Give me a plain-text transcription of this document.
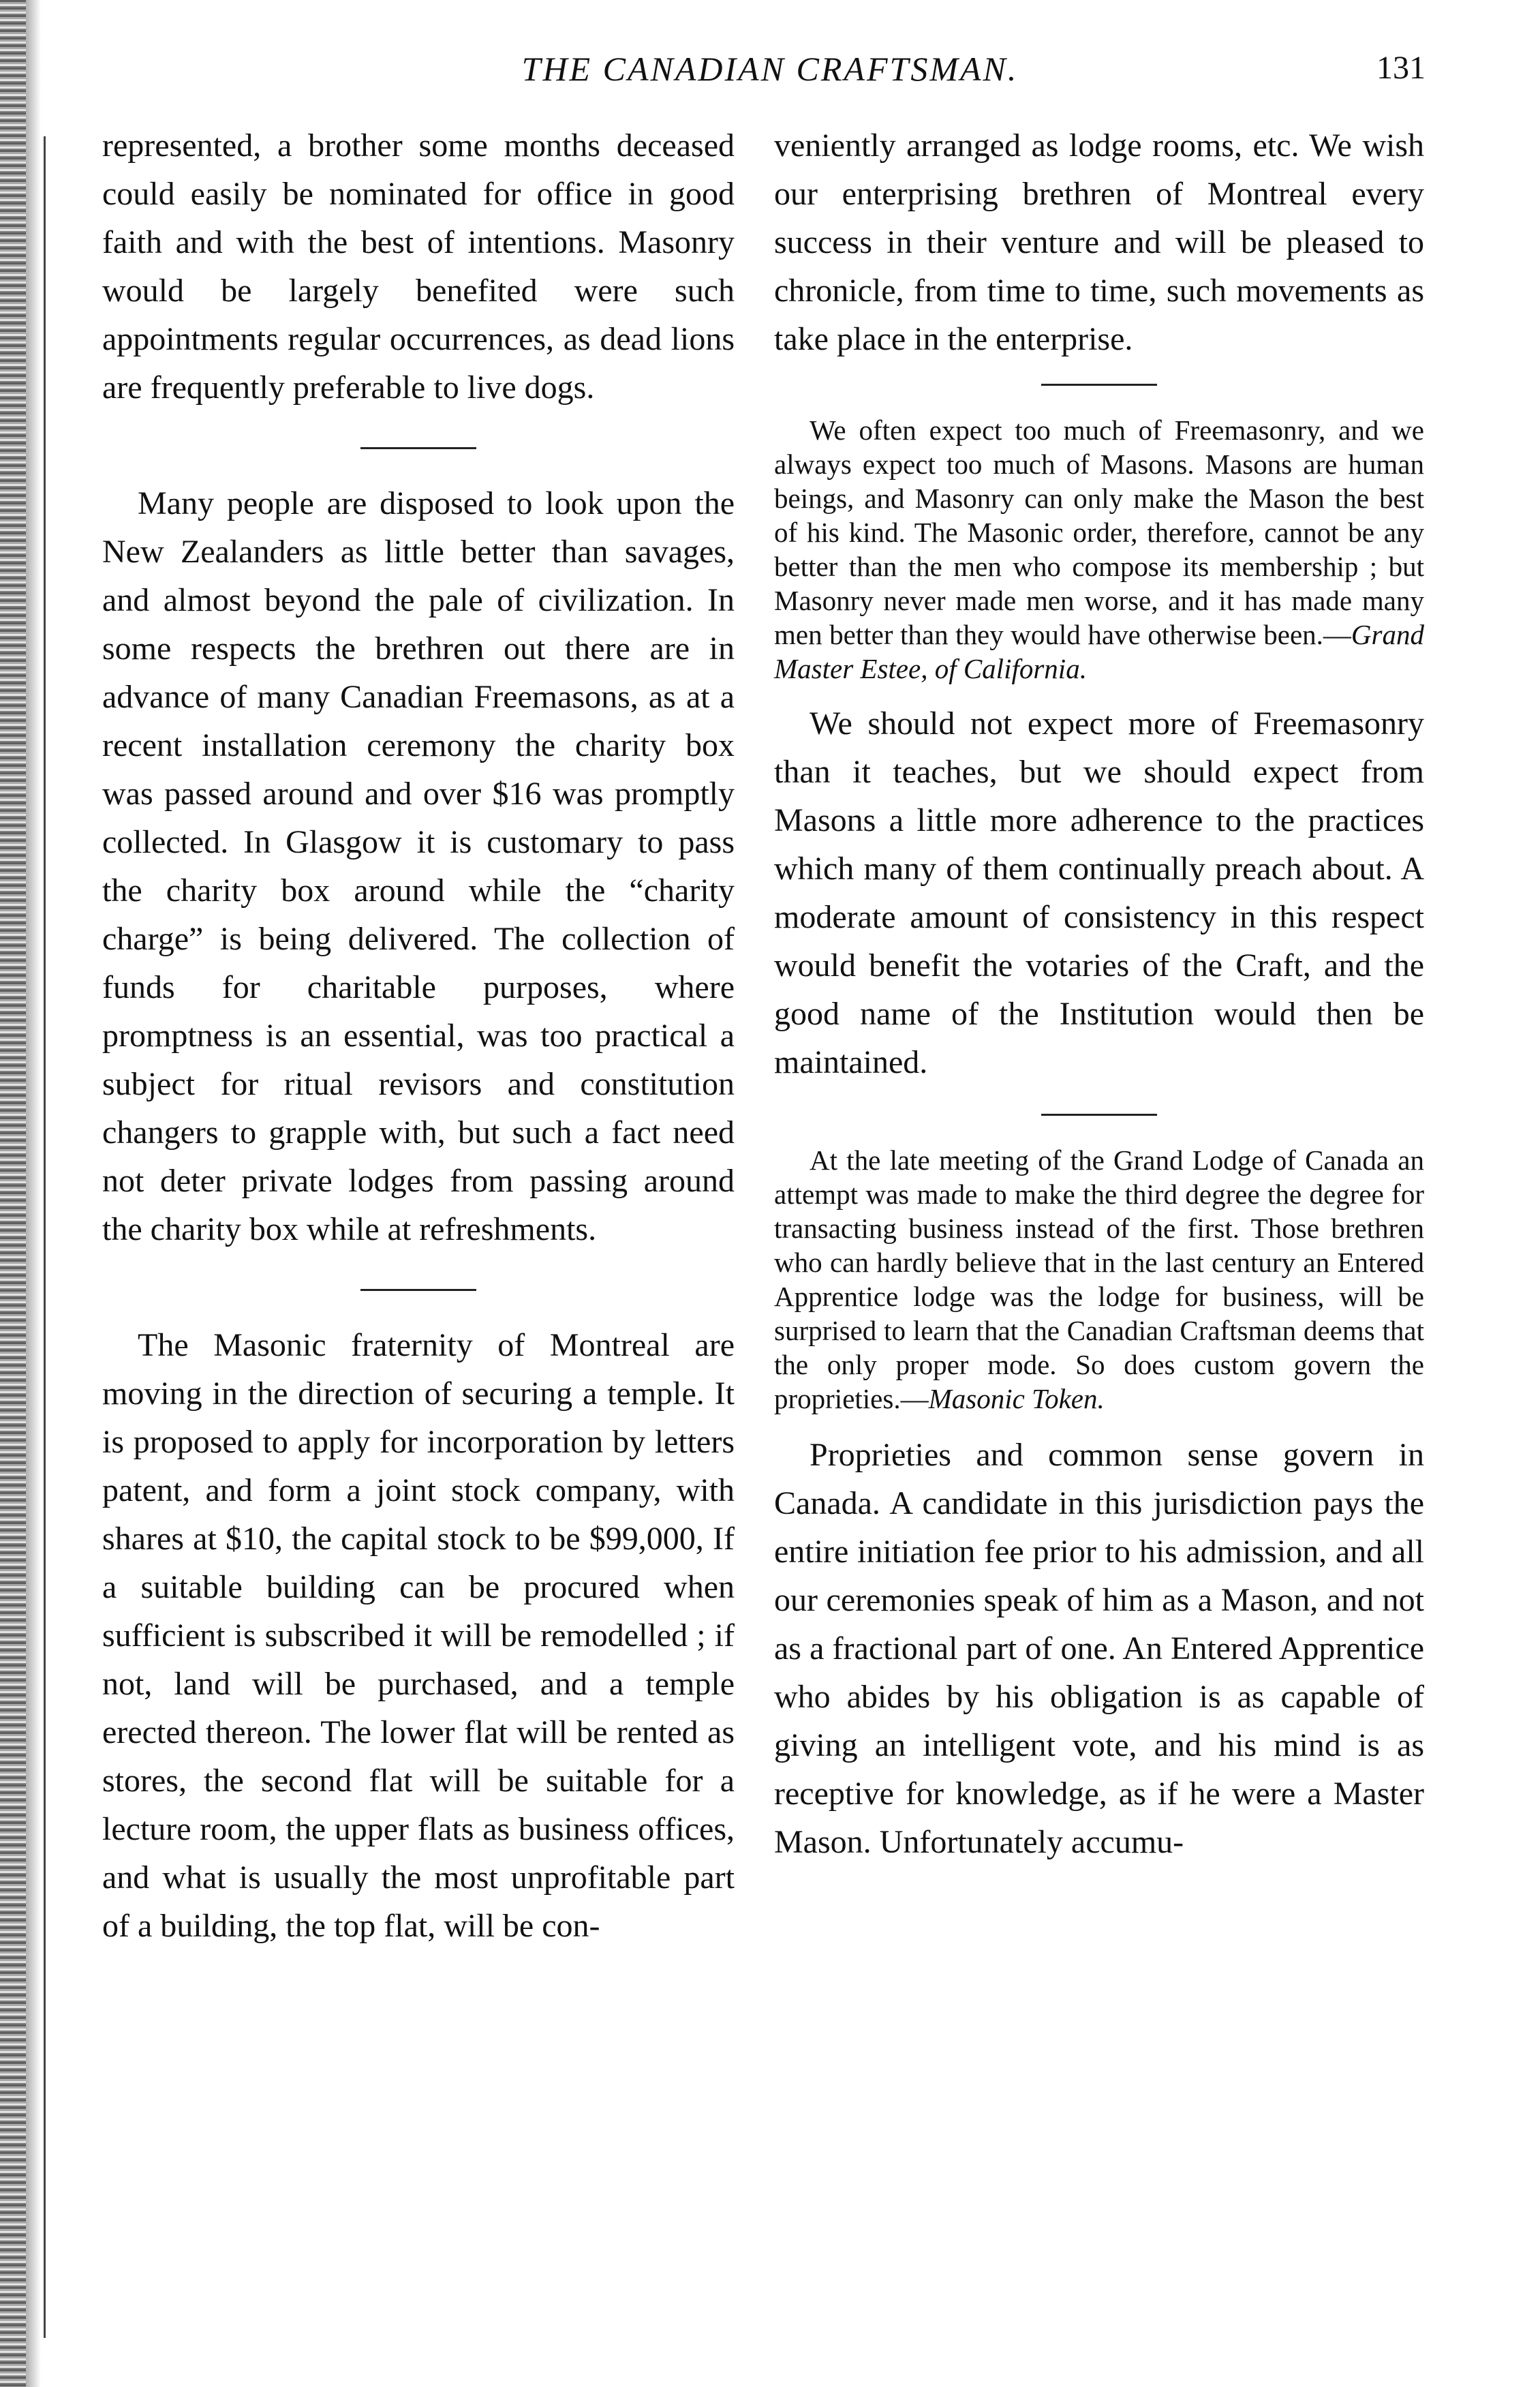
THE CANADIAN CRAFTSMAN.	131

represented, a brother some months deceased could easily be nominated for office in good faith and with the best of intentions. Masonry would be largely benefited were such appointments regular occurrences, as dead lions are frequently preferable to live dogs.

Many people are disposed to look upon the New Zealanders as little better than savages, and almost beyond the pale of civilization. In some respects the brethren out there are in advance of many Canadian Freemasons, as at a recent installation ceremony the charity box was passed around and over $16 was promptly collected. In Glasgow it is customary to pass the charity box around while the “charity charge” is being delivered. The collection of funds for charitable purposes, where promptness is an essential, was too practical a subject for ritual revisors and constitution changers to grapple with, but such a fact need not deter private lodges from passing around the charity box while at refreshments.

The Masonic fraternity of Montreal are moving in the direction of securing a temple. It is proposed to apply for incorporation by letters patent, and form a joint stock company, with shares at $10, the capital stock to be $99,000, If a suitable building can be procured when sufficient is subscribed it will be remodelled ; if not, land will be purchased, and a temple erected thereon. The lower flat will be rented as stores, the second flat will be suitable for a lecture room, the upper flats as business offices, and what is usually the most unprofitable part of a building, the top flat, will be con-

veniently arranged as lodge rooms, etc. We wish our enterprising brethren of Montreal every success in their venture and will be pleased to chronicle, from time to time, such movements as take place in the enterprise.

We often expect too much of Freemasonry, and we always expect too much of Masons. Masons are human beings, and Masonry can only make the Mason the best of his kind. The Masonic order, therefore, cannot be any better than the men who compose its membership ; but Masonry never made men worse, and it has made many men better than they would have otherwise been.—Grand Master Estee, of California.

We should not expect more of Freemasonry than it teaches, but we should expect from Masons a little more adherence to the practices which many of them continually preach about. A moderate amount of consistency in this respect would benefit the votaries of the Craft, and the good name of the Institution would then be maintained.

At the late meeting of the Grand Lodge of Canada an attempt was made to make the third degree the degree for transacting business instead of the first. Those brethren who can hardly believe that in the last century an Entered Apprentice lodge was the lodge for business, will be surprised to learn that the Canadian Craftsman deems that the only proper mode. So does custom govern the proprieties.—Masonic Token.

Proprieties and common sense govern in Canada. A candidate in this jurisdiction pays the entire initiation fee prior to his admission, and all our ceremonies speak of him as a Mason, and not as a fractional part of one. An Entered Apprentice who abides by his obligation is as capable of giving an intelligent vote, and his mind is as receptive for knowledge, as if he were a Master Mason. Unfortunately accumu-
